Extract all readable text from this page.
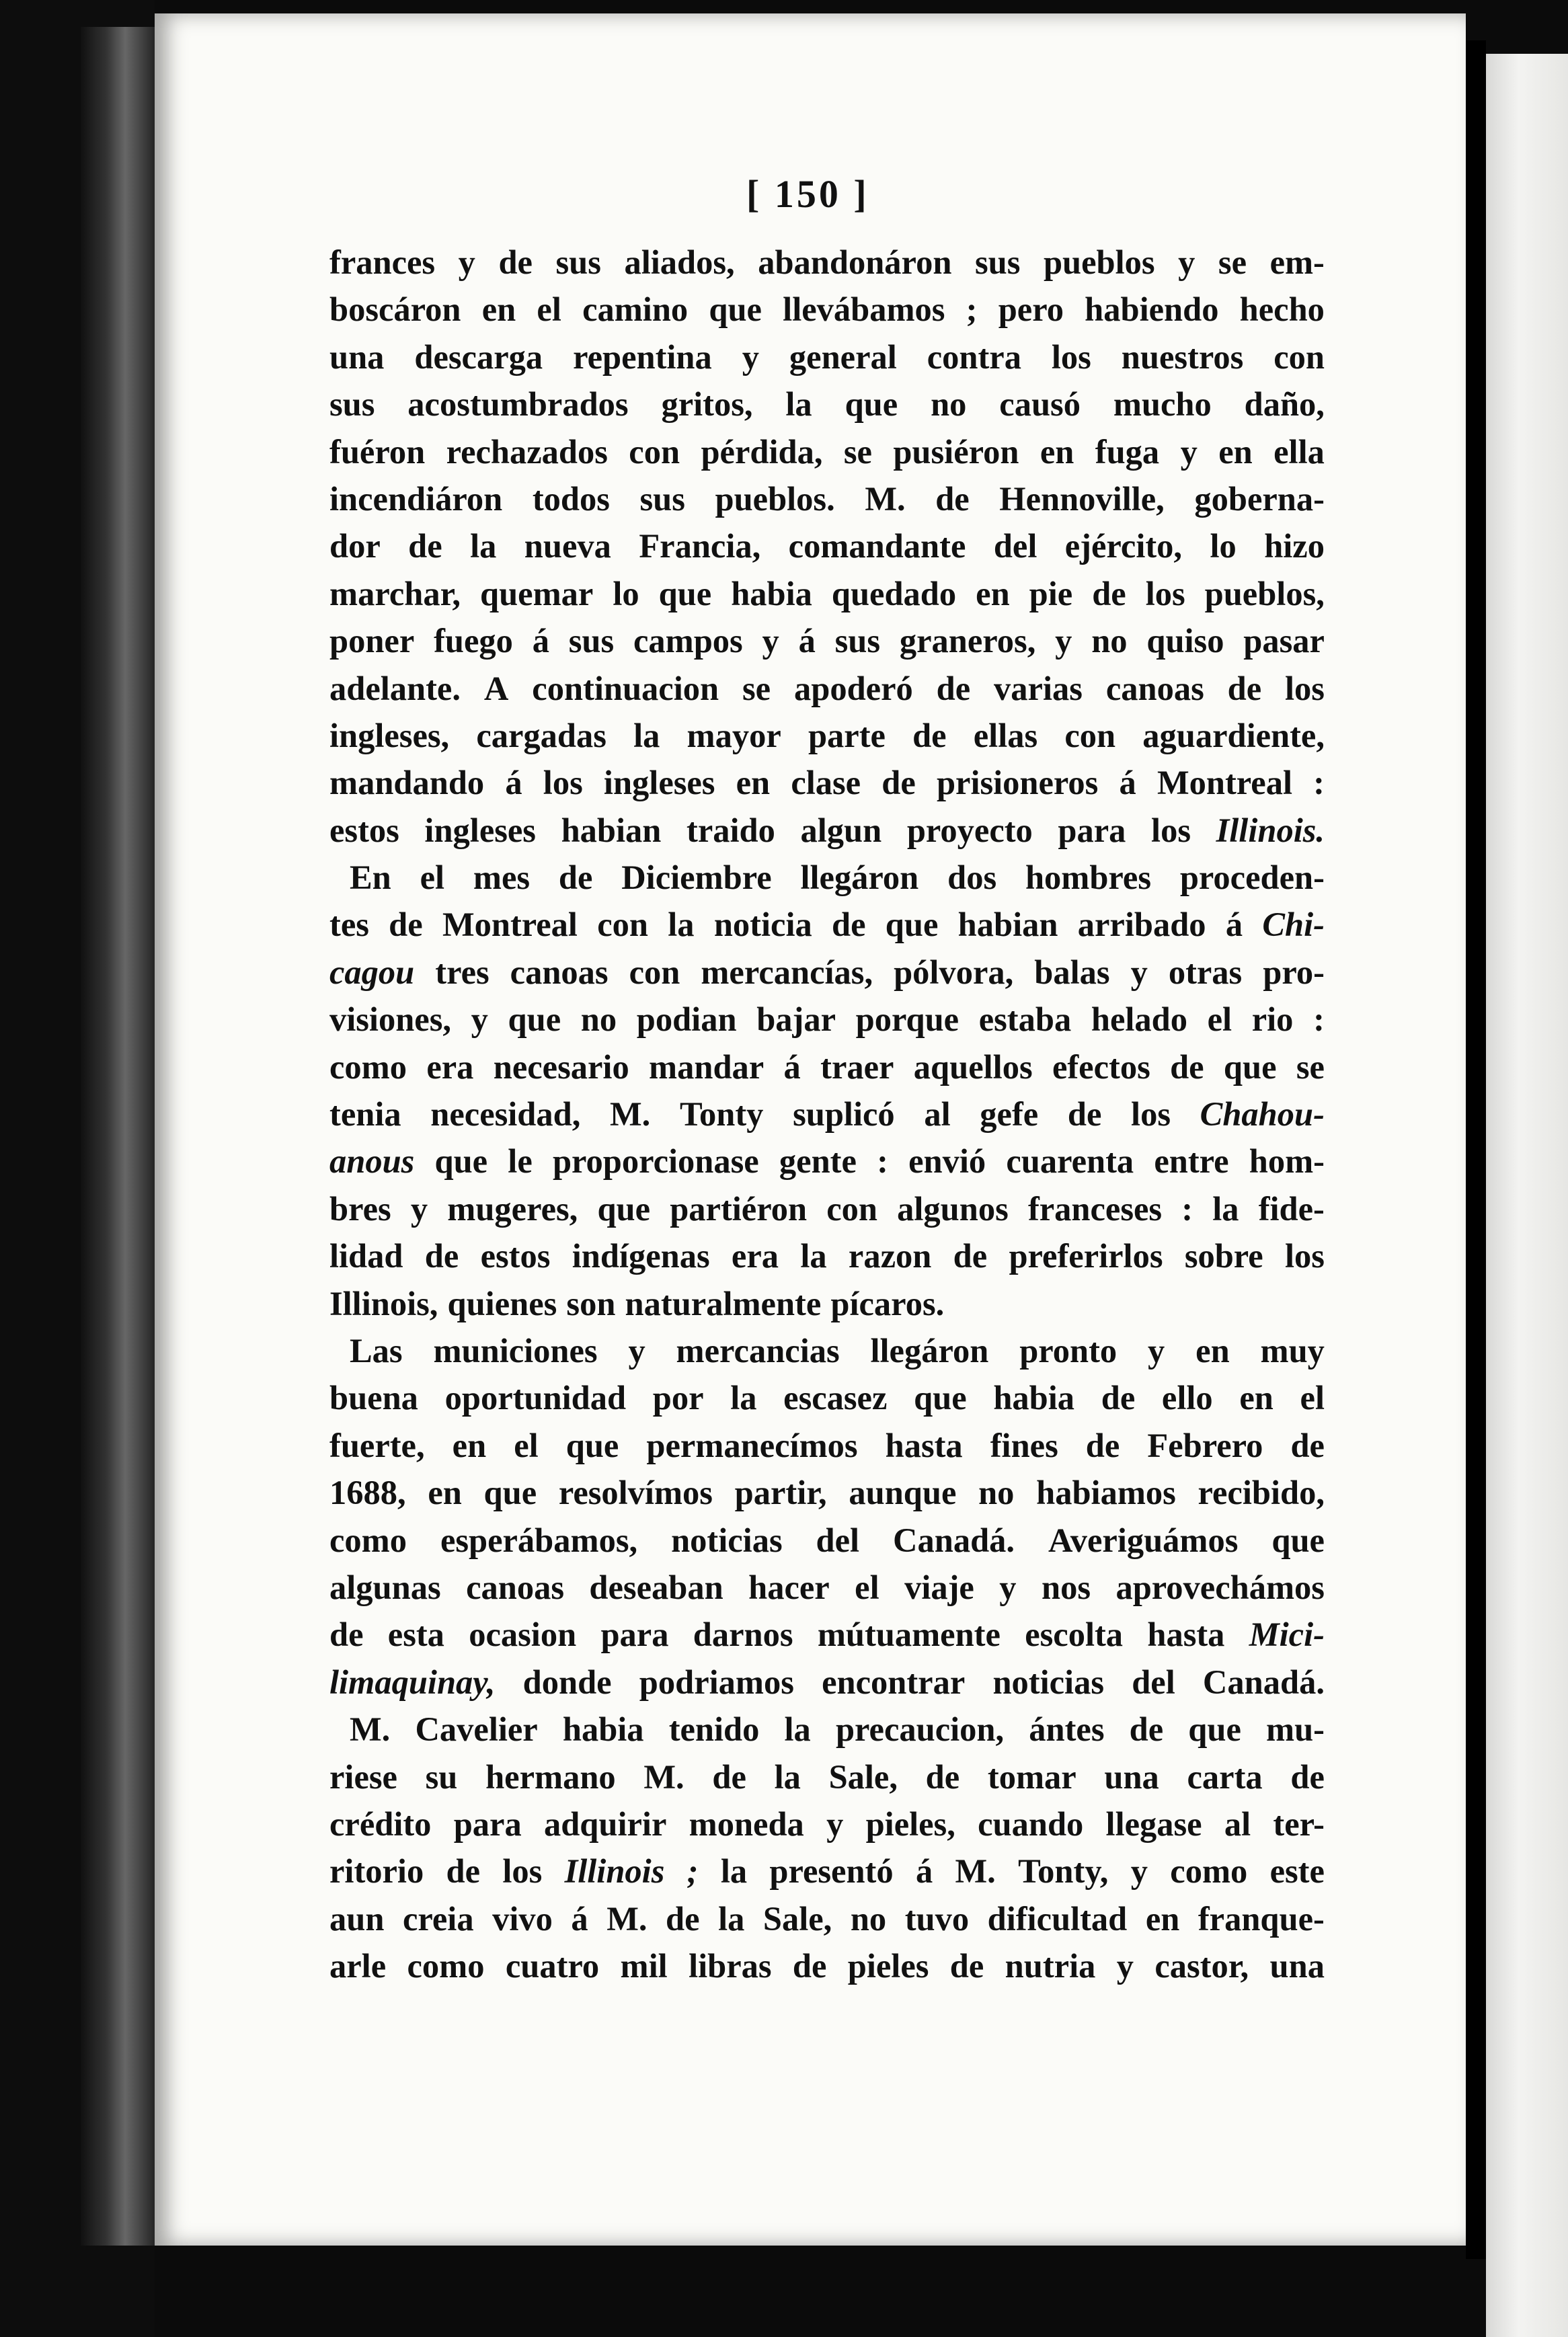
[ 150 ]
frances y de sus aliados, abandonáron sus pueblos y se em-
boscáron en el camino que llevábamos ; pero habiendo hecho
una descarga repentina y general contra los nuestros con
sus acostumbrados gritos, la que no causó mucho daño,
fuéron rechazados con pérdida, se pusiéron en fuga y en ella
incendiáron todos sus pueblos. M. de Hennoville, goberna-
dor de la nueva Francia, comandante del ejército, lo hizo
marchar, quemar lo que habia quedado en pie de los pueblos,
poner fuego á sus campos y á sus graneros, y no quiso pasar
adelante. A continuacion se apoderó de varias canoas de los
ingleses, cargadas la mayor parte de ellas con aguardiente,
mandando á los ingleses en clase de prisioneros á Montreal :
estos ingleses habian traido algun proyecto para los Illinois.
En el mes de Diciembre llegáron dos hombres proceden-
tes de Montreal con la noticia de que habian arribado á Chi-
cagou tres canoas con mercancías, pólvora, balas y otras pro-
visiones, y que no podian bajar porque estaba helado el rio :
como era necesario mandar á traer aquellos efectos de que se
tenia necesidad, M. Tonty suplicó al gefe de los Chahou-
anous que le proporcionase gente : envió cuarenta entre hom-
bres y mugeres, que partiéron con algunos franceses : la fide-
lidad de estos indígenas era la razon de preferirlos sobre los
Illinois, quienes son naturalmente pícaros.
Las municiones y mercancias llegáron pronto y en muy
buena oportunidad por la escasez que habia de ello en el
fuerte, en el que permanecímos hasta fines de Febrero de
1688, en que resolvímos partir, aunque no habiamos recibido,
como esperábamos, noticias del Canadá. Averiguámos que
algunas canoas deseaban hacer el viaje y nos aprovechámos
de esta ocasion para darnos mútuamente escolta hasta Mici-
limaquinay, donde podriamos encontrar noticias del Canadá.
M. Cavelier habia tenido la precaucion, ántes de que mu-
riese su hermano M. de la Sale, de tomar una carta de
crédito para adquirir moneda y pieles, cuando llegase al ter-
ritorio de los Illinois ; la presentó á M. Tonty, y como este
aun creia vivo á M. de la Sale, no tuvo dificultad en franque-
arle como cuatro mil libras de pieles de nutria y castor, una
